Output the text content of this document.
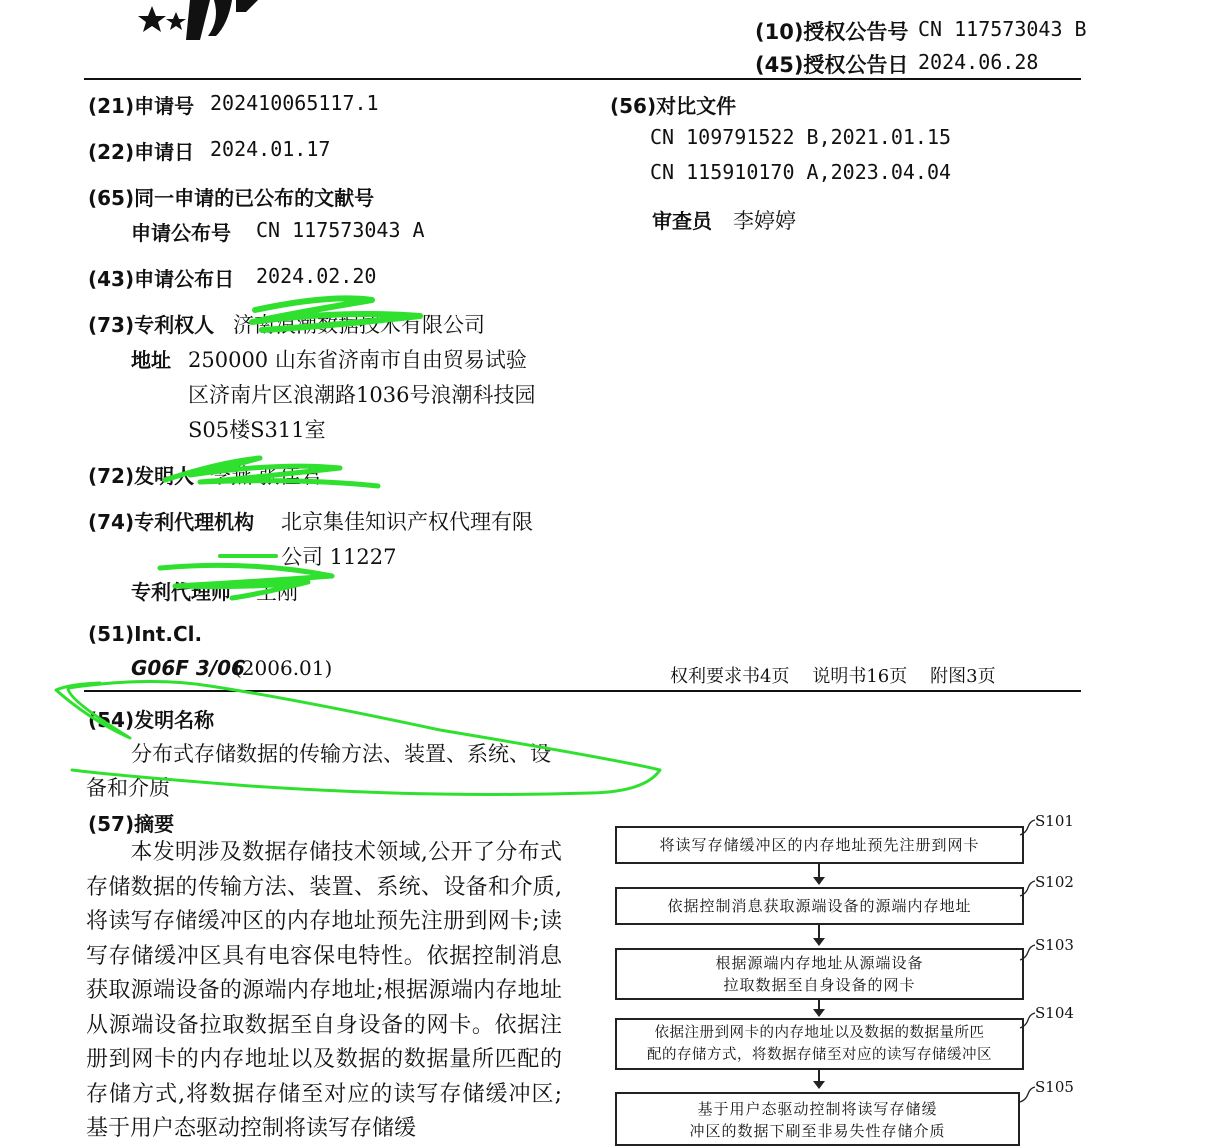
(10)授权公告号 CN 117573043 B
(45)授权公告日 2024.06.28
(21)申请号 202410065117.1
(22)申请日 2024.01.17
(65)同一申请的已公布的文献号
申请公布号 CN 117573043 A
(43)申请公布日 2024.02.20
(73)专利权人 济南浪潮数据技术有限公司
地址 250000 山东省济南市自由贸易试验
区济南片区浪潮路1036号浪潮科技园
S05楼S311室
(72)发明人 李燕 张佳君
(74)专利代理机构 北京集佳知识产权代理有限
公司 11227
专利代理师 王刚
(51)Int.Cl.
G06F 3/06
(2006.01)
(56)对比文件
CN 109791522 B,2021.01.15
CN 115910170 A,2023.04.04
审查员 李婷婷
权利要求书4页    说明书16页    附图3页
(54)发明名称
分布式存储数据的传输方法、装置、系统、设
备和介质
(57)摘要
本发明涉及数据存储技术领域,公开了分布式存储数据的传输方法、装置、系统、设备和介质,将读写存储缓冲区的内存地址预先注册到网卡;读写存储缓冲区具有电容保电特性。依据控制消息获取源端设备的源端内存地址;根据源端内存地址从源端设备拉取数据至自身设备的网卡。依据注册到网卡的内存地址以及数据的数据量所匹配的存储方式,将数据存储至对应的读写存储缓冲区;基于用户态驱动控制将读写存储缓
将读写存储缓冲区的内存地址预先注册到网卡
S101
依据控制消息获取源端设备的源端内存地址
S102
根据源端内存地址从源端设备
拉取数据至自身设备的网卡
S103
依据注册到网卡的内存地址以及数据的数据量所匹
配的存储方式，将数据存储至对应的读写存储缓冲区
S104
基于用户态驱动控制将读写存储缓
冲区的数据下刷至非易失性存储介质
S105
